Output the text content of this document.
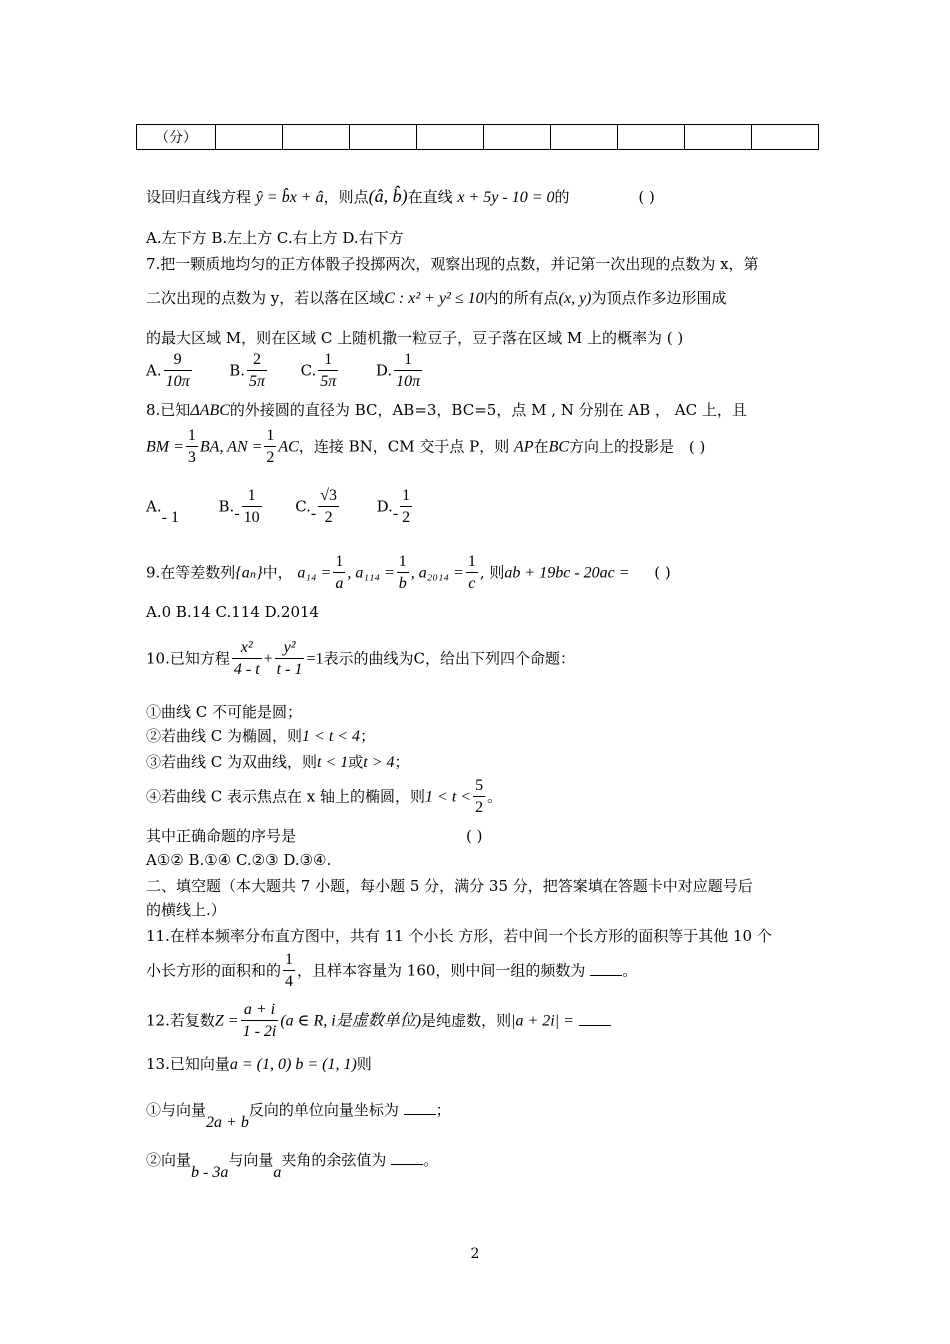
（分）									
设回归直线方程 ŷ = b̂x + â，则点(â, b̂)在直线 x + 5y - 10 = 0的	( )
A.左下方 B.左上方 C.右上方 D.右下方
7.把一颗质地均匀的正方体骰子投掷两次，观察出现的点数，并记第一次出现的点数为 x，第
二次出现的点数为 y，若以落在区域C : x² + y² ≤ 10内的所有点(x, y)为顶点作多边形围成
的最大区域 M，则在区域 C 上随机撒一粒豆子，豆子落在区域 M 上的概率为 ( )
A. $\frac{9}{10\pi}$	B. $\frac{2}{5\pi} C$. $\frac{1}{5\pi}$	D. $\frac{1}{10\pi}$
8.已知ΔABC的外接圆的直径为 BC，AB=3，BC=5，点 M , N 分别在 AB ， AC 上，且
BM = $\frac{1}{3}$ BA, AN = $\frac{1}{2}$ AC，连接 BN，CM 交于点 P，则 AP在BC方向上的投影是 ( )
A.- 1  $B.- \frac{1}{10} C.- \frac{√3}{2}$	$D.- \frac{1}{2}$
9.在等差数列{aₙ}中， $a_{14} = \frac{1}{a}$ , $a_{114} = \frac{1}{b}$ , $a_{2014} = \frac{1}{c}$ , 则ab + 19bc - 20ac = ( )
A.0 B.14 C.114 D.2014
10.已知方程 $\frac{\text{x²}}{4 - t} + \frac{\text{y²}}{t - 1} =1$表示的曲线为C，给出下列四个命题：
①曲线 C 不可能是圆；
②若曲线 C 为椭圆，则1 < t < 4；
③若曲线 C 为双曲线，则t < 1或t > 4；
④若曲线 C 表示焦点在 x 轴上的椭圆，则$1 < t < \frac{5}{2}$ 。
其中正确命题的序号是	( )
A①② B.①④ C.②③ D.③④.
二、填空题（本大题共 7 小题，每小题 5 分，满分 35 分，把答案填在答题卡中对应题号后
的横线上.）
11.在样本频率分布直方图中，共有 11 个小长 方形，若中间一个长方形的面积等于其他 10 个
小长方形的面积和的 $\frac{1}{4}$ ，且样本容量为 160，则中间一组的频数为 。
12.若复数$Z = \frac{a + i}{1 - 2i} (a$ ∈ R, i是虚数单位)是纯虚数，则|a + 2i| =
13.已知向量a = (1, 0) b = (1, 1)则
①与向量2a + b反向的单位向量坐标为 ；
②向量b - 3a与向量a夹角的余弦值为 。
2
